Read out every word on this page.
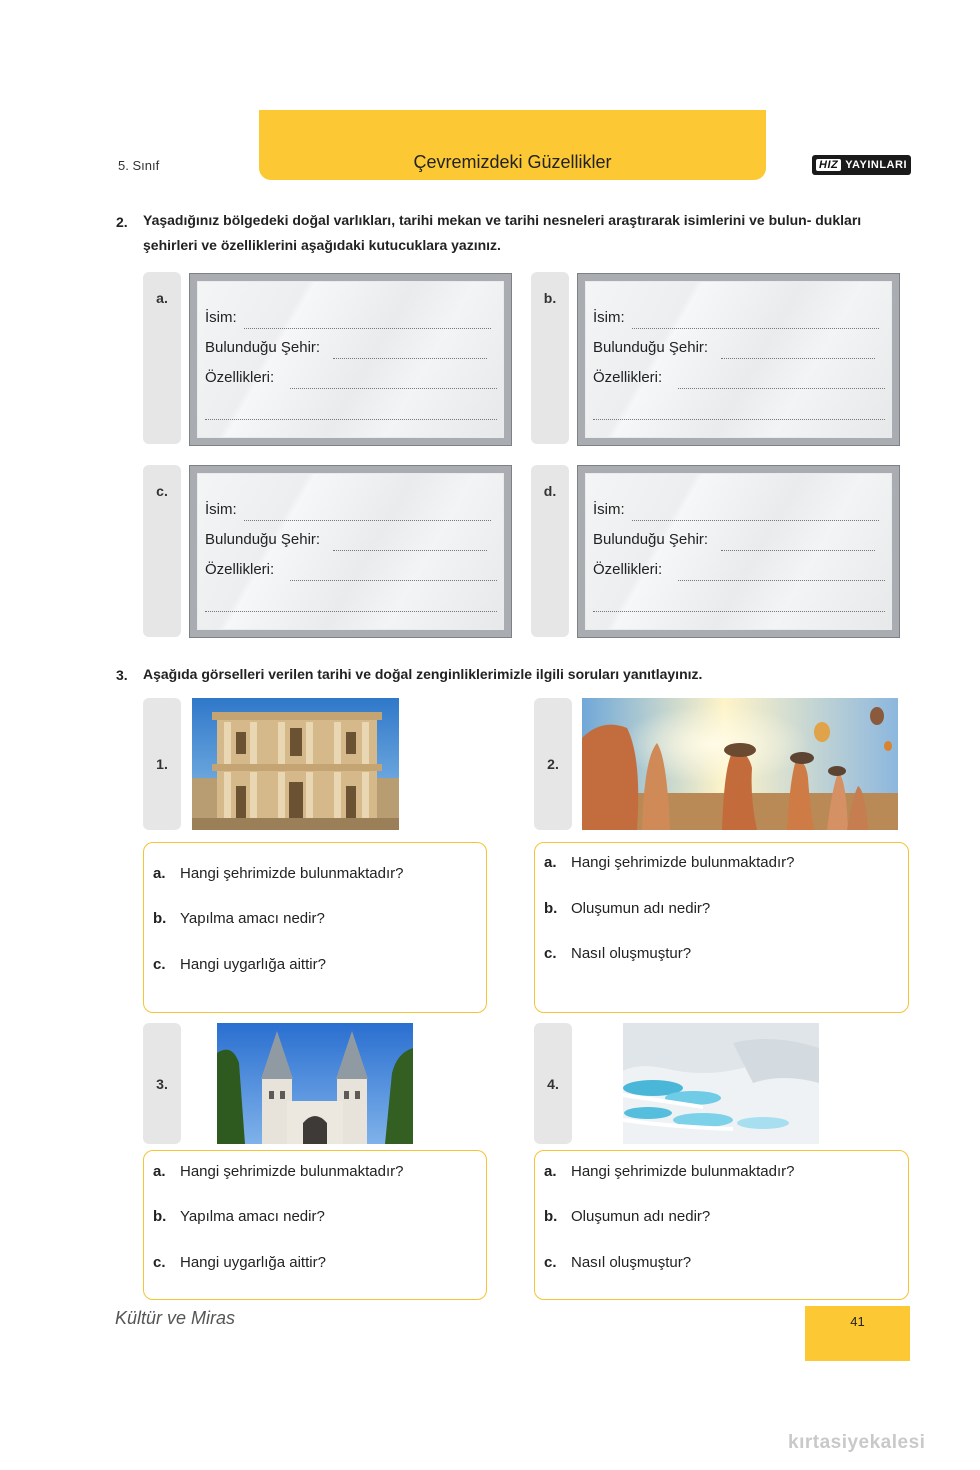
5. Sınıf	Çevremizdeki Güzellikler	HIZ YAYINLARI
2. Yaşadığınız bölgedeki doğal varlıkları, tarihi mekan ve tarihi nesneleri araştırarak isimlerini ve bulun- dukları şehirleri ve özelliklerini aşağıdaki kutucuklara yazınız.
a.
İsim:
Bulunduğu Şehir:
Özellikleri:
b.
İsim:
Bulunduğu Şehir:
Özellikleri:
c.
İsim:
Bulunduğu Şehir:
Özellikleri:
d.
İsim:
Bulunduğu Şehir:
Özellikleri:
3. Aşağıda görselleri verilen tarihi ve doğal zenginliklerimizle ilgili soruları yanıtlayınız.
1.
a. Hangi şehrimizde bulunmaktadır?
b. Yapılma amacı nedir?
c. Hangi uygarlığa aittir?
2.
a. Hangi şehrimizde bulunmaktadır?
b. Oluşumun adı nedir?
c. Nasıl oluşmuştur?
3.
a. Hangi şehrimizde bulunmaktadır?
b. Yapılma amacı nedir?
c. Hangi uygarlığa aittir?
4.
a. Hangi şehrimizde bulunmaktadır?
b. Oluşumun adı nedir?
c. Nasıl oluşmuştur?
Kültür ve Miras	41
kırtasiyekalesi
